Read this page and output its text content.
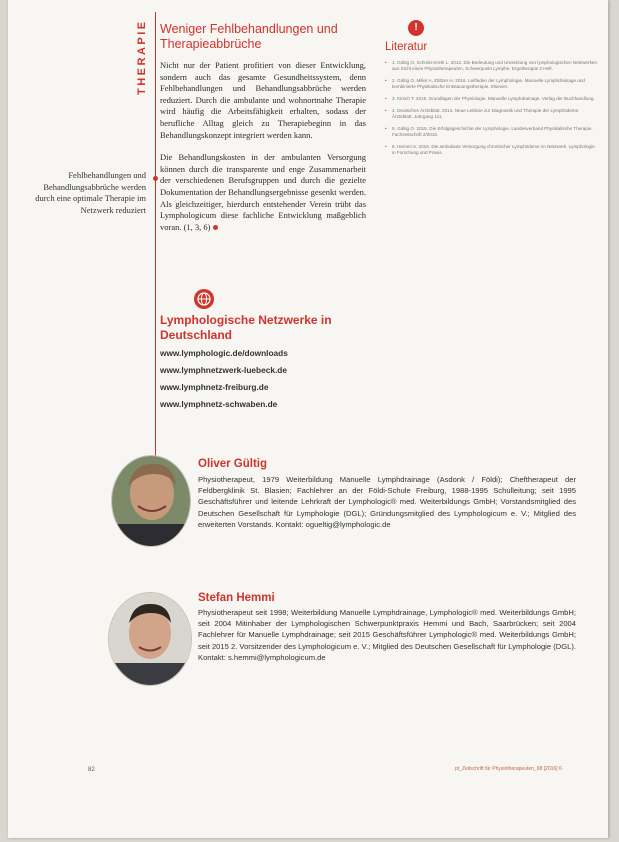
THERAPIE
Fehlbehandlungen und Behandlungsabbrüche werden durch eine optimale Therapie im Netzwerk reduziert
Weniger Fehlbehandlungen und Therapieabbrüche

Nicht nur der Patient profitiert von dieser Entwicklung, sondern auch das gesamte Gesundheitssystem, denn Fehlbehandlungen und Behandlungsabbrüche werden reduziert. Durch die ambulante und wohnortnahe Therapie wird häufig die Arbeitsfähigkeit erhalten, sodass der berufliche Alltag gleich zu Therapiebeginn in das Behandlungskonzept integriert werden kann.

Die Behandlungskosten in der ambulanten Versorgung können durch die transparente und enge Zusammenarbeit der verschiedenen Berufsgruppen und durch die gezielte Dokumentation der Behandlungsergebnisse gesenkt werden. Als gleichzeitiger, hierdurch entstehender Verein trübt das Lymphologicum diese fachliche Entwicklung maßgeblich voran. (1, 3, 6)

!
Literatur
• 1. Gültig O, Schmitt-Kreth L. 2012. Die Bedeutung und Umsetzung von lymphologischen Netzwerken aus Sicht eines Physiotherapeuten, Schwerpunkt Lymphe. Ergotherapie 2 Heft.
• 2. Gültig O, Miller A, Zöltzer H. 2016. Leitfaden der Lymphologie. Manuelle Lymphdrainage und kombinierte Physikalische Entstauungstherapie. Elsevier.
• 3. Kirsch T. 2015. Grundlagen der Physiologie. Manuelle Lymphdrainage. Verlag der Buchhandlung.
• 4. Deutsches Ärzteblatt. 2014. Neue Leitlinie zur Diagnostik und Therapie der Lymphödeme. Ärzteblatt, Jahrgang 111.
• 5. Gültig O. 2015. Die Erfolgsgeschichte der Lymphologie. Landesverband Physikalische Therapie. Fachzeitschrift 2/2015.
• 6. Hemmi S. 2016. Die ambulante Versorgung chronischer Lymphödeme im Netzwerk. Lymphologie in Forschung und Praxis.
Lymphologische Netzwerke in Deutschland
www.lymphologic.de/downloads
www.lymphnetzwerk-luebeck.de
www.lymphnetz-freiburg.de
www.lymphnetz-schwaben.de
Oliver Gültig

Physiotherapeut, 1979 Weiterbildung Manuelle Lymphdrainage (Asdonk / Földi); Cheftherapeut der Feldbergklinik St. Blasien; Fachlehrer an der Földi-Schule Freiburg, 1988-1995 Schulleitung; seit 1995 Geschäftsführer und leitende Lehrkraft der Lymphologic® med. Weiterbildungs GmbH; Vorstandsmitglied des Deutschen Gesellschaft für Lymphologie (DGL); Gründungsmitglied des Lymphologicum e. V.; Mitglied des erweiterten Vorstands. Kontakt: ogueltig@lymphologic.de

Stefan Hemmi

Physiotherapeut seit 1998; Weiterbildung Manuelle Lymphdrainage, Lymphologic® med. Weiterbildungs GmbH; seit 2004 Mitinhaber der Lymphologischen Schwerpunktpraxis Hemmi und Bach, Saarbrücken; seit 2004 Fachlehrer für Manuelle Lymphdrainage; seit 2015 Geschäftsführer Lymphologic® med. Weiterbildungs GmbH; seit 2015 2. Vorsitzender des Lymphologicum e. V.; Mitglied des Deutschen Gesellschaft für Lymphologie (DGL). Kontakt: s.hemmi@lymphologicum.de

82	pt_Zeitschrift für Physiotherapeuten_68 [2016] 6
